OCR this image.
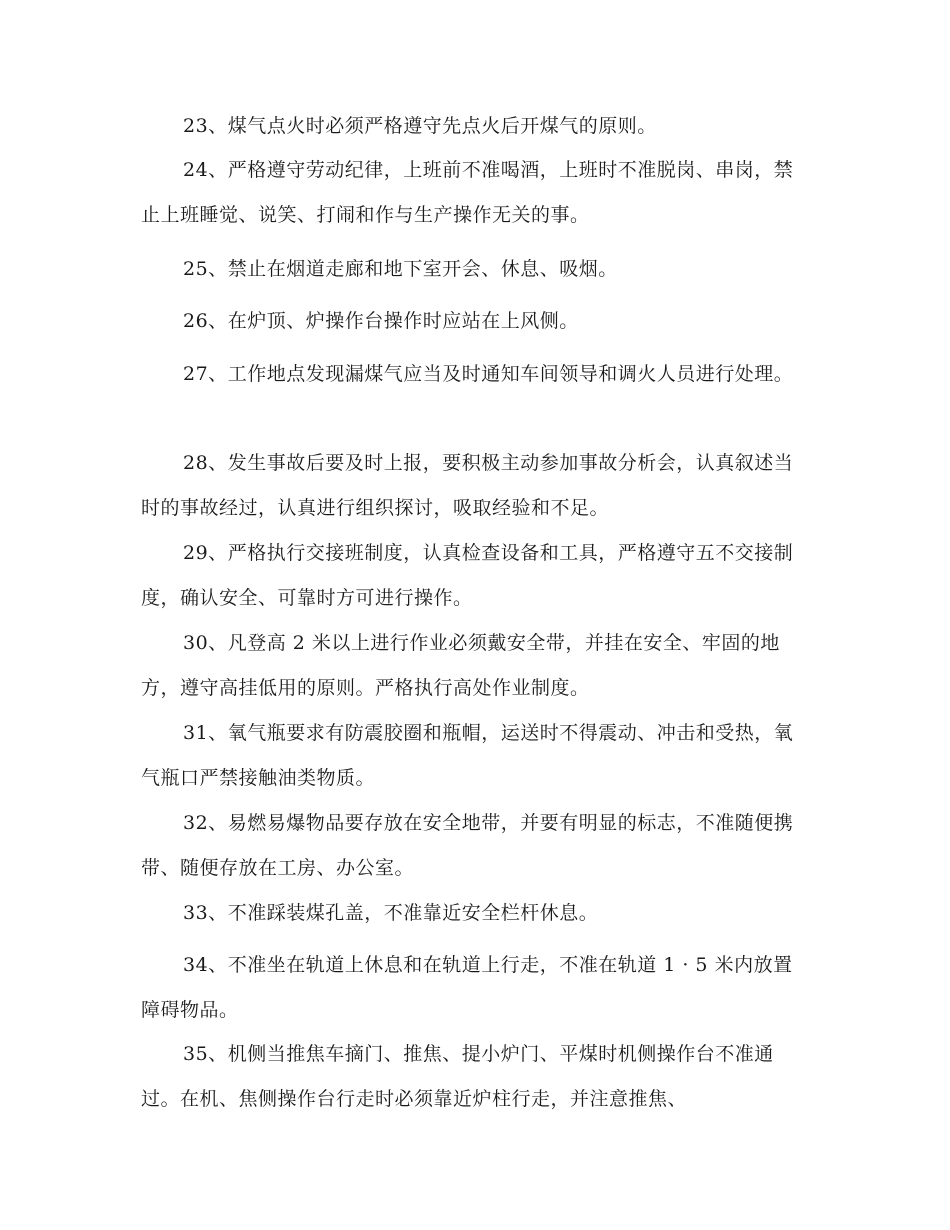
23、煤气点火时必须严格遵守先点火后开煤气的原则。
24、严格遵守劳动纪律，上班前不准喝酒，上班时不准脱岗、串岗，禁止上班睡觉、说笑、打闹和作与生产操作无关的事。
25、禁止在烟道走廊和地下室开会、休息、吸烟。
26、在炉顶、炉操作台操作时应站在上风侧。
27、工作地点发现漏煤气应当及时通知车间领导和调火人员进行处理。
28、发生事故后要及时上报，要积极主动参加事故分析会，认真叙述当时的事故经过，认真进行组织探讨，吸取经验和不足。
29、严格执行交接班制度，认真检查设备和工具，严格遵守五不交接制度，确认安全、可靠时方可进行操作。
30、凡登高 2 米以上进行作业必须戴安全带，并挂在安全、牢固的地方，遵守高挂低用的原则。严格执行高处作业制度。
31、氧气瓶要求有防震胶圈和瓶帽，运送时不得震动、冲击和受热，氧气瓶口严禁接触油类物质。
32、易燃易爆物品要存放在安全地带，并要有明显的标志，不准随便携带、随便存放在工房、办公室。
33、不准踩装煤孔盖，不准靠近安全栏杆休息。
34、不准坐在轨道上休息和在轨道上行走，不准在轨道 1 · 5 米内放置障碍物品。
35、机侧当推焦车摘门、推焦、提小炉门、平煤时机侧操作台不准通过。在机、焦侧操作台行走时必须靠近炉柱行走，并注意推焦、
